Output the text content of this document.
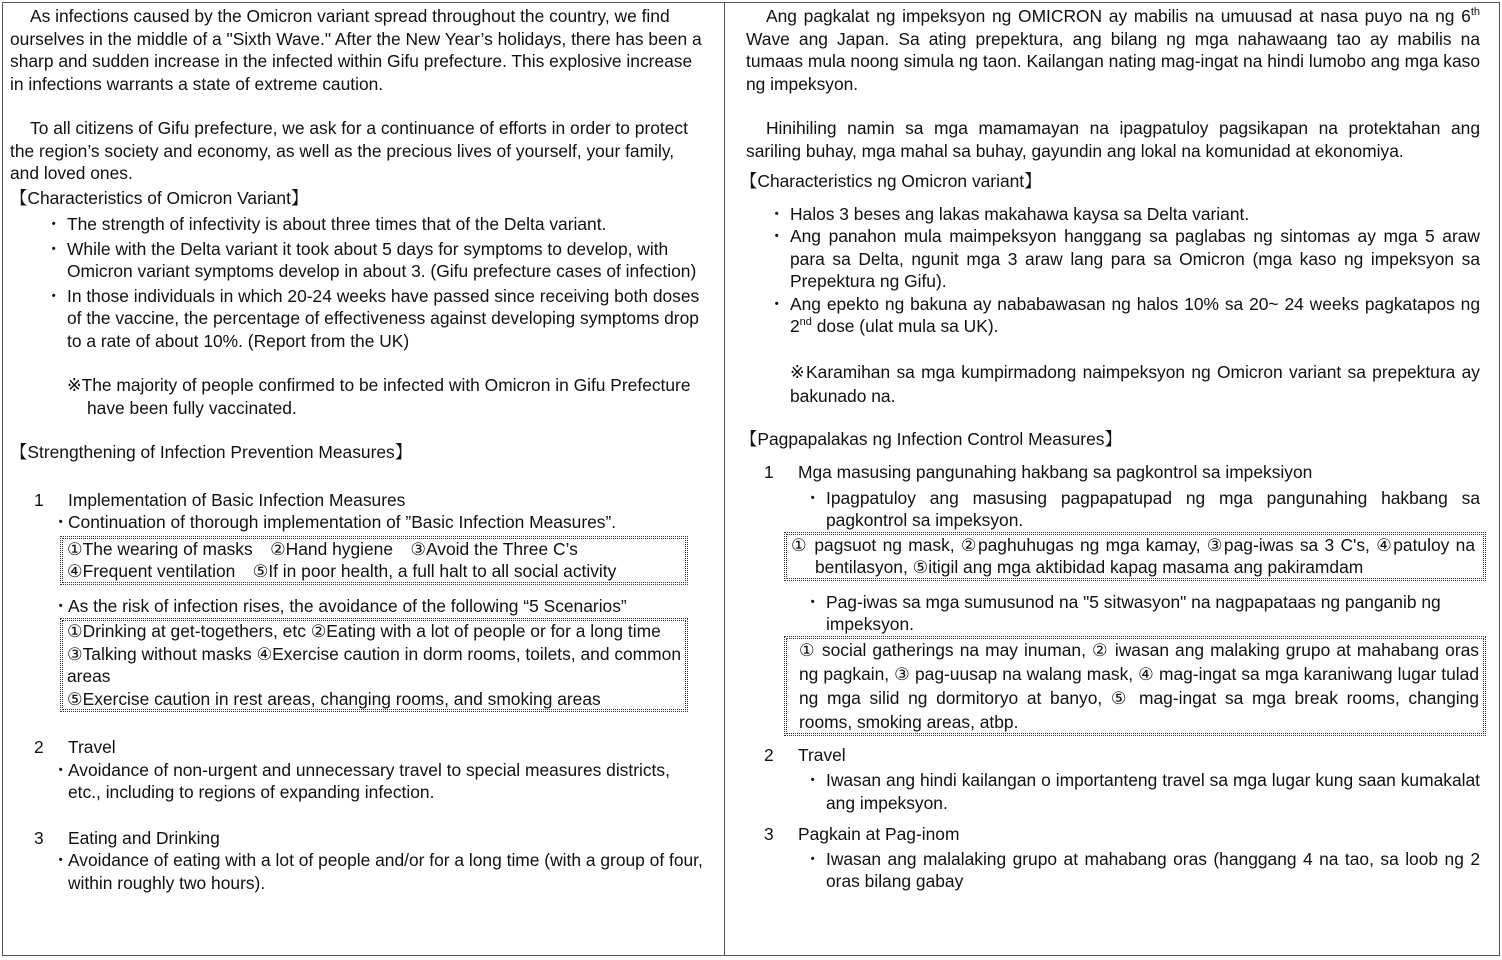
As infections caused by the Omicron variant spread throughout the country, we find ourselves in the middle of a "Sixth Wave." After the New Year’s holidays, there has been a sharp and sudden increase in the infected within Gifu prefecture. This explosive increase in infections warrants a state of extreme caution.

To all citizens of Gifu prefecture, we ask for a continuance of efforts in order to protect the region’s society and economy, as well as the precious lives of yourself, your family, and loved ones.

【Characteristics of Omicron Variant】

・ The strength of infectivity is about three times that of the Delta variant.
・ While with the Delta variant it took about 5 days for symptoms to develop, with Omicron variant symptoms develop in about 3. (Gifu prefecture cases of infection)
・ In those individuals in which 20-24 weeks have passed since receiving both doses of the vaccine, the percentage of effectiveness against developing symptoms drop to a rate of about 10%. (Report from the UK)

※The majority of people confirmed to be infected with Omicron in Gifu Prefecture have been fully vaccinated.

【Strengthening of Infection Prevention Measures】

1 Implementation of Basic Infection Measures
・ Continuation of thorough implementation of ”Basic Infection Measures”.
①The wearing of masks　②Hand hygiene　③Avoid the Three C’s
④Frequent ventilation　⑤If in poor health, a full halt to all social activity
・ As the risk of infection rises, the avoidance of the following “5 Scenarios”
①Drinking at get-togethers, etc ②Eating with a lot of people or for a long time
③Talking without masks ④Exercise caution in dorm rooms, toilets, and common areas
⑤Exercise caution in rest areas, changing rooms, and smoking areas
2 Travel
・ Avoidance of non-urgent and unnecessary travel to special measures districts, etc., including to regions of expanding infection.
3 Eating and Drinking
・ Avoidance of eating with a lot of people and/or for a long time (with a group of four, within roughly two hours).

Ang pagkalat ng impeksyon ng OMICRON ay mabilis na umuusad at nasa puyo na ng 6th Wave ang Japan. Sa ating prepektura, ang bilang ng mga nahawaang tao ay mabilis na tumaas mula noong simula ng taon. Kailangan nating mag-ingat na hindi lumobo ang mga kaso ng impeksyon.

Hinihiling namin sa mga mamamayan na ipagpatuloy pagsikapan na protektahan ang sariling buhay, mga mahal sa buhay, gayundin ang lokal na komunidad at ekonomiya.

【Characteristics ng Omicron variant】

・ Halos 3 beses ang lakas makahawa kaysa sa Delta variant.
・ Ang panahon mula maimpeksyon hanggang sa paglabas ng sintomas ay mga 5 araw para sa Delta, ngunit mga 3 araw lang para sa Omicron (mga kaso ng impeksyon sa Prepektura ng Gifu).
・ Ang epekto ng bakuna ay nababawasan ng halos 10% sa 20~ 24 weeks pagkatapos ng 2nd dose (ulat mula sa UK).

※Karamihan sa mga kumpirmadong naimpeksyon ng Omicron variant sa prepektura ay bakunado na.

【Pagpapalakas ng Infection Control Measures】

1 Mga masusing pangunahing hakbang sa pagkontrol sa impeksiyon
・ Ipagpatuloy ang masusing pagpapatupad ng mga pangunahing hakbang sa pagkontrol sa impeksyon.
① pagsuot ng mask, ②paghuhugas ng mga kamay, ③pag-iwas sa 3 C's, ④patuloy na bentilasyon, ⑤itigil ang mga aktibidad kapag masama ang pakiramdam
・ Pag-iwas sa mga sumusunod na "5 sitwasyon" na nagpapataas ng panganib ng impeksyon.
① social gatherings na may inuman, ② iwasan ang malaking grupo at mahabang oras ng pagkain, ③ pag-uusap na walang mask, ④ mag-ingat sa mga karaniwang lugar tulad ng mga silid ng dormitoryo at banyo, ⑤ mag-ingat sa mga break rooms, changing rooms, smoking areas, atbp.
2 Travel
・ Iwasan ang hindi kailangan o importanteng travel sa mga lugar kung saan kumakalat ang impeksyon.
3 Pagkain at Pag-inom
・ Iwasan ang malalaking grupo at mahabang oras (hanggang 4 na tao, sa loob ng 2 oras bilang gabay
